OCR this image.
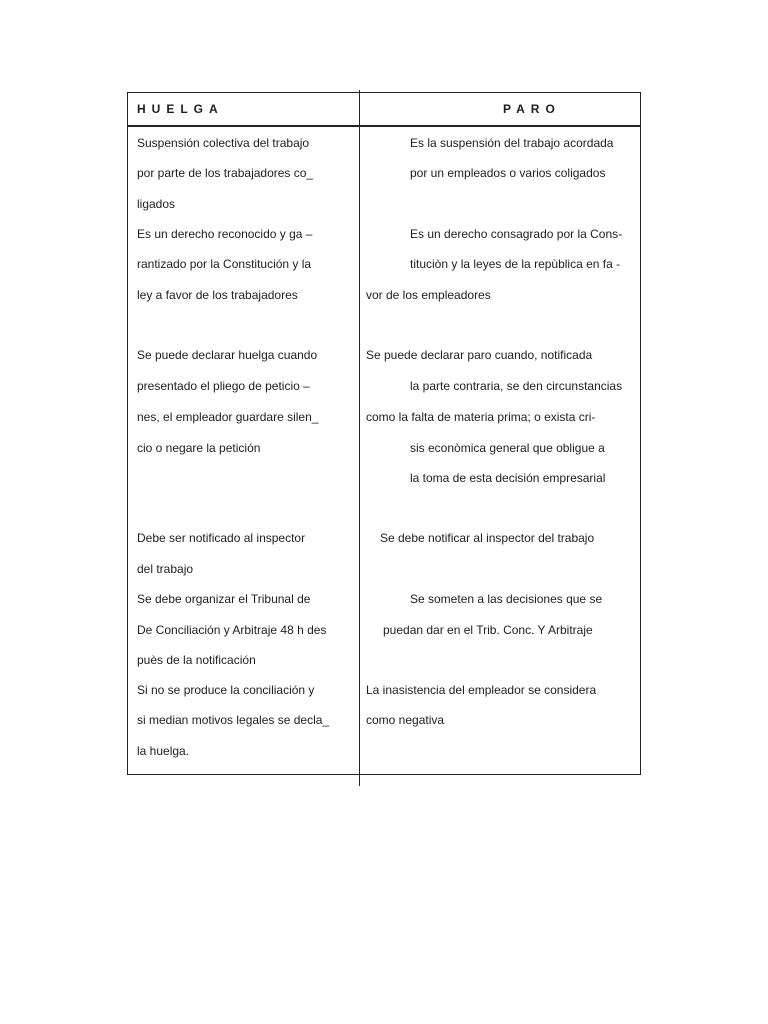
HUELGA	PARO
Suspensión colectiva del trabajo
por parte de los trabajadores co_
ligados
Es un derecho reconocido y ga –
rantizado por la Constitución y la
ley a favor de los trabajadores
Se puede declarar huelga cuando
presentado el pliego de peticio –
nes, el empleador guardare silen_
cio o negare la petición
Debe ser notificado al inspector
del trabajo
Se debe organizar el Tribunal de
De Conciliación y Arbitraje 48 h des
puès de la notificación
Si no se produce la conciliación y
si median motivos legales se decla_
la huelga.
Es la suspensión del trabajo acordada
por un empleados o varios coligados
Es un derecho consagrado por la Cons-
tituciòn y la leyes de la repùblica en fa -
vor de los empleadores
Se puede declarar paro cuando, notificada
la parte contraria, se den circunstancias
como la falta de materia prima; o exista cri-
sis econòmica general que obligue a
la toma de esta decisión empresarial
Se debe notificar al inspector del trabajo
Se someten a las decisiones que se
puedan dar en el Trib. Conc. Y Arbitraje
La inasistencia del empleador se considera
como negativa
